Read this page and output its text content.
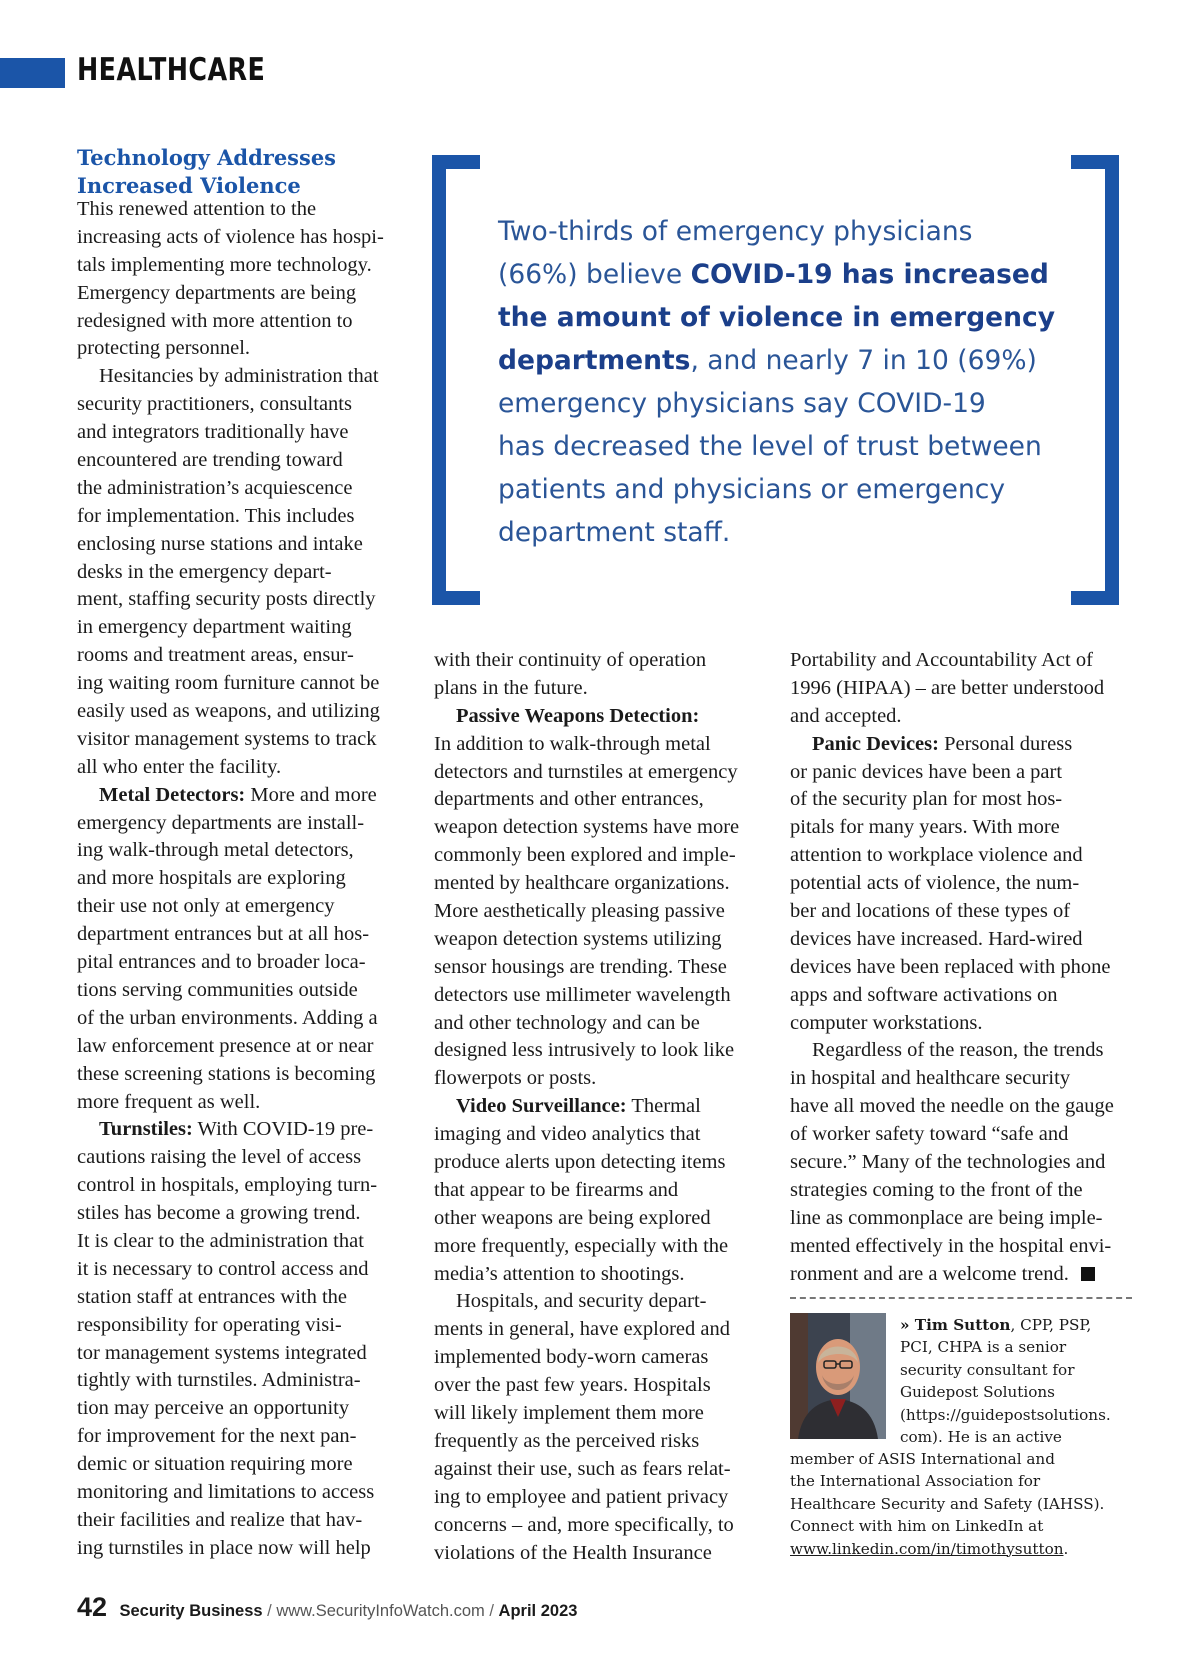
HEALTHCARE
Technology Addresses
Increased Violence
This renewed attention to the
increasing acts of violence has hospi-
tals implementing more technology.
Emergency departments are being
redesigned with more attention to
protecting personnel.
Hesitancies by administration that
security practitioners, consultants
and integrators traditionally have
encountered are trending toward
the administration’s acquiescence
for implementation. This includes
enclosing nurse stations and intake
desks in the emergency depart-
ment, staffing security posts directly
in emergency department waiting
rooms and treatment areas, ensur-
ing waiting room furniture cannot be
easily used as weapons, and utilizing
visitor management systems to track
all who enter the facility.
Metal Detectors: More and more
emergency departments are install-
ing walk-through metal detectors,
and more hospitals are exploring
their use not only at emergency
department entrances but at all hos-
pital entrances and to broader loca-
tions serving communities outside
of the urban environments. Adding a
law enforcement presence at or near
these screening stations is becoming
more frequent as well.
Turnstiles: With COVID-19 pre-
cautions raising the level of access
control in hospitals, employing turn-
stiles has become a growing trend.
It is clear to the administration that
it is necessary to control access and
station staff at entrances with the
responsibility for operating visi-
tor management systems integrated
tightly with turnstiles. Administra-
tion may perceive an opportunity
for improvement for the next pan-
demic or situation requiring more
monitoring and limitations to access
their facilities and realize that hav-
ing turnstiles in place now will help
Two-thirds of emergency physicians
(66%) believe COVID-19 has increased
the amount of violence in emergency
departments, and nearly 7 in 10 (69%)
emergency physicians say COVID-19
has decreased the level of trust between
patients and physicians or emergency
department staff.
with their continuity of operation
plans in the future.
Passive Weapons Detection:
In addition to walk-through metal
detectors and turnstiles at emergency
departments and other entrances,
weapon detection systems have more
commonly been explored and imple-
mented by healthcare organizations.
More aesthetically pleasing passive
weapon detection systems utilizing
sensor housings are trending. These
detectors use millimeter wavelength
and other technology and can be
designed less intrusively to look like
flowerpots or posts.
Video Surveillance: Thermal
imaging and video analytics that
produce alerts upon detecting items
that appear to be firearms and
other weapons are being explored
more frequently, especially with the
media’s attention to shootings.
Hospitals, and security depart-
ments in general, have explored and
implemented body-worn cameras
over the past few years. Hospitals
will likely implement them more
frequently as the perceived risks
against their use, such as fears relat-
ing to employee and patient privacy
concerns – and, more specifically, to
violations of the Health Insurance
Portability and Accountability Act of
1996 (HIPAA) – are better understood
and accepted.
Panic Devices: Personal duress
or panic devices have been a part
of the security plan for most hos-
pitals for many years. With more
attention to workplace violence and
potential acts of violence, the num-
ber and locations of these types of
devices have increased. Hard-wired
devices have been replaced with phone
apps and software activations on
computer workstations.
Regardless of the reason, the trends
in hospital and healthcare security
have all moved the needle on the gauge
of worker safety toward “safe and
secure.” Many of the technologies and
strategies coming to the front of the
line as commonplace are being imple-
mented effectively in the hospital envi-
ronment and are a welcome trend.
» Tim Sutton, CPP, PSP,
PCI, CHPA is a senior
security consultant for
Guidepost Solutions
(https://guidepostsolutions.
com). He is an active
member of ASIS International and
the International Association for
Healthcare Security and Safety (IAHSS).
Connect with him on LinkedIn at
www.linkedin.com/in/timothysutton.
42 Security Business / www.SecurityInfoWatch.com / April 2023
